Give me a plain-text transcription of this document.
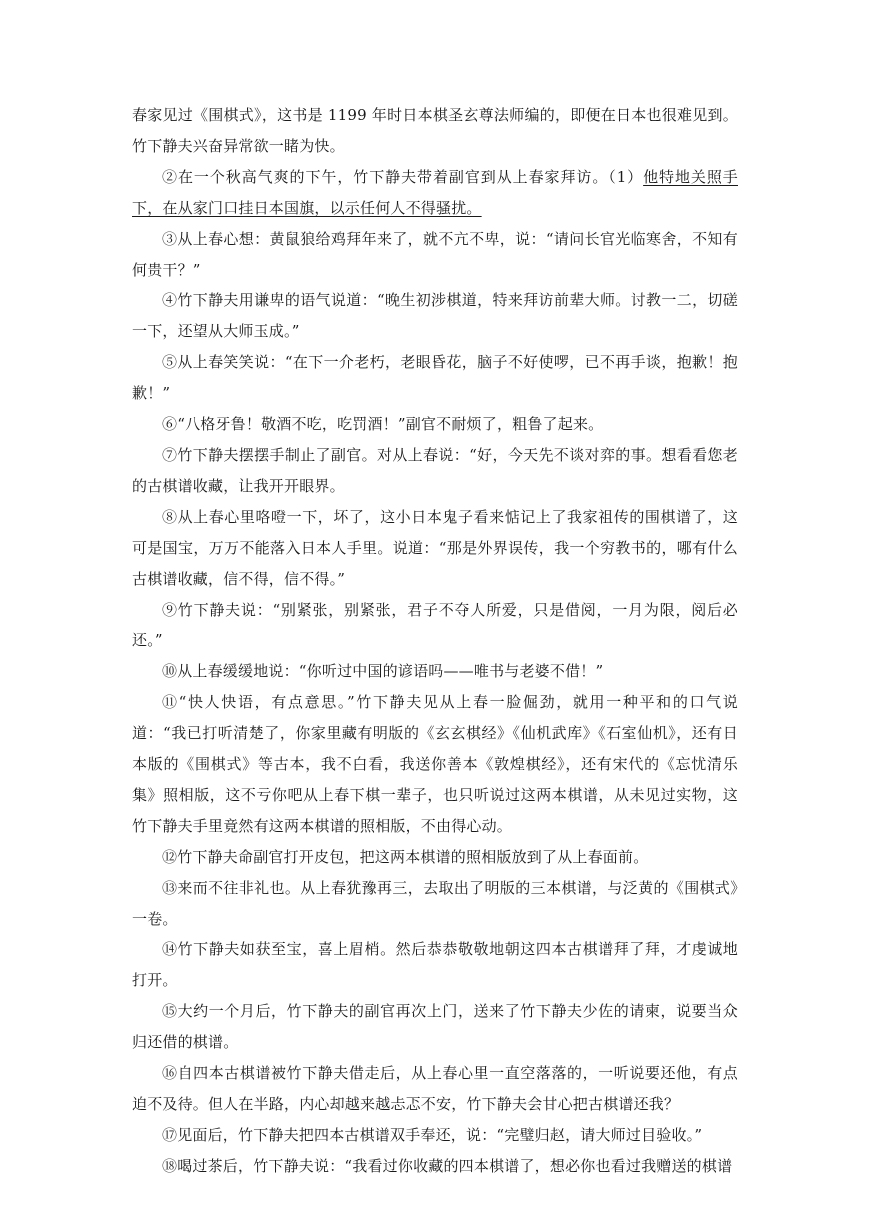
春家见过《围棋式》，这书是 1199 年时日本棋圣玄尊法师编的，即便在日本也很难见到。竹下静夫兴奋异常欲一睹为快。

②在一个秋高气爽的下午，竹下静夫带着副官到从上春家拜访。（1）他特地关照手下，在从家门口挂日本国旗，以示任何人不得骚扰。

③从上春心想：黄鼠狼给鸡拜年来了，就不亢不卑，说：“请问长官光临寒舍，不知有何贵干？”

④竹下静夫用谦卑的语气说道：“晚生初涉棋道，特来拜访前辈大师。讨教一二，切磋一下，还望从大师玉成。”

⑤从上春笑笑说：“在下一介老朽，老眼昏花，脑子不好使啰，已不再手谈，抱歉！抱歉！”

⑥“八格牙鲁！敬酒不吃，吃罚酒！”副官不耐烦了，粗鲁了起来。

⑦竹下静夫摆摆手制止了副官。对从上春说：“好，今天先不谈对弈的事。想看看您老的古棋谱收藏，让我开开眼界。

⑧从上春心里咯噔一下，坏了，这小日本鬼子看来惦记上了我家祖传的围棋谱了，这可是国宝，万万不能落入日本人手里。说道：“那是外界误传，我一个穷教书的，哪有什么古棋谱收藏，信不得，信不得。”

⑨竹下静夫说：“别紧张，别紧张，君子不夺人所爱，只是借阅，一月为限，阅后必还。”

⑩从上春缓缓地说：“你听过中国的谚语吗——唯书与老婆不借！”

⑪“快人快语，有点意思。”竹下静夫见从上春一脸倔劲，就用一种平和的口气说道：“我已打听清楚了，你家里藏有明版的《玄玄棋经》《仙机武库》《石室仙机》，还有日本版的《围棋式》等古本，我不白看，我送你善本《敦煌棋经》，还有宋代的《忘忧清乐集》照相版，这不亏你吧从上春下棋一辈子，也只听说过这两本棋谱，从未见过实物，这竹下静夫手里竟然有这两本棋谱的照相版，不由得心动。

⑫竹下静夫命副官打开皮包，把这两本棋谱的照相版放到了从上春面前。

⑬来而不往非礼也。从上春犹豫再三，去取出了明版的三本棋谱，与泛黄的《围棋式》一卷。

⑭竹下静夫如获至宝，喜上眉梢。然后恭恭敬敬地朝这四本古棋谱拜了拜，才虔诚地打开。

⑮大约一个月后，竹下静夫的副官再次上门，送来了竹下静夫少佐的请柬，说要当众归还借的棋谱。

⑯自四本古棋谱被竹下静夫借走后，从上春心里一直空落落的，一听说要还他，有点迫不及待。但人在半路，内心却越来越忐忑不安，竹下静夫会甘心把古棋谱还我？

⑰见面后，竹下静夫把四本古棋谱双手奉还，说：“完璧归赵，请大师过目验收。”

⑱喝过茶后，竹下静夫说：“我看过你收藏的四本棋谱了，想必你也看过我赠送的棋谱
